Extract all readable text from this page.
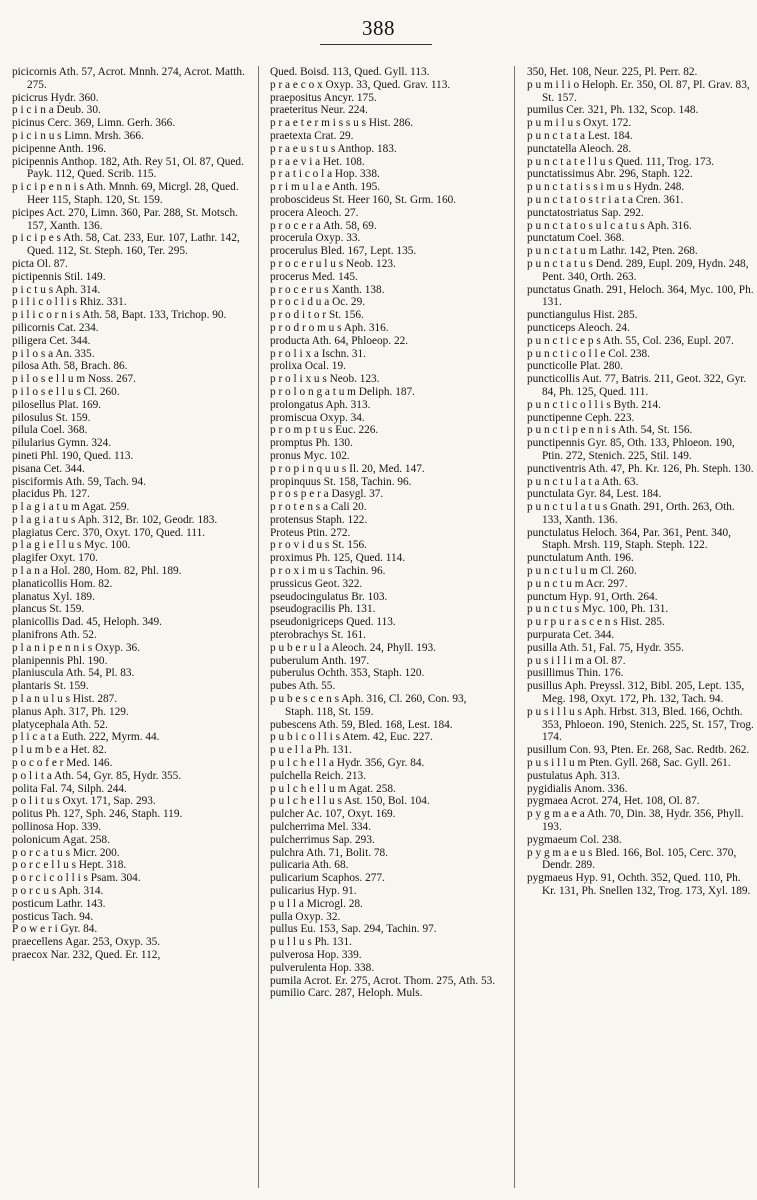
388

picicornis Ath. 57, Acrot. Mnnh. 274, Acrot. Matth. 275.

picicrus Hydr. 360.

p i c i n a Deub. 30.

picinus Cerc. 369, Limn. Gerh. 366.

p i c i n u s Limn. Mrsh. 366.

picipenne Anth. 196.

picipennis Anthop. 182, Ath. Rey 51, Ol. 87, Qued. Payk. 112, Qued. Scrib. 115.

p i c i p e n n i s Ath. Mnnh. 69, Micrgl. 28, Qued. Heer 115, Staph. 120, St. 159.

picipes Act. 270, Limn. 360, Par. 288, St. Motsch. 157, Xanth. 136.

p i c i p e s Ath. 58, Cat. 233, Eur. 107, Lathr. 142, Qued. 112, St. Steph. 160, Ter. 295.

picta Ol. 87.

pictipennis Stil. 149.

p i c t u s Aph. 314.

p i l i c o l l i s Rhiz. 331.

p i l i c o r n i s Ath. 58, Bapt. 133, Trichop. 90.

pilicornis Cat. 234.

piligera Cet. 344.

p i l o s a An. 335.

pilosa Ath. 58, Brach. 86.

p i l o s e l l u m Noss. 267.

p i l o s e l l u s Cl. 260.

pilosellus Plat. 169.

pilosulus St. 159.

pilula Coel. 368.

pilularius Gymn. 324.

pineti Phl. 190, Qued. 113.

pisana Cet. 344.

pisciformis Ath. 59, Tach. 94.

placidus Ph. 127.

p l a g i a t u m Agat. 259.

p l a g i a t u s Aph. 312, Br. 102, Geodr. 183.

plagiatus Cerc. 370, Oxyt. 170, Qued. 111.

p l a g i e l l u s Myc. 100.

plagifer Oxyt. 170.

p l a n a Hol. 280, Hom. 82, Phl. 189.

planaticollis Hom. 82.

planatus Xyl. 189.

plancus St. 159.

planicollis Dad. 45, Heloph. 349.

planifrons Ath. 52.

p l a n i p e n n i s Oxyp. 36.

planipennis Phl. 190.

planiuscula Ath. 54, Pl. 83.

plantaris St. 159.

p l a n u l u s Hist. 287.

planus Aph. 317, Ph. 129.

platycephala Ath. 52.

p l i c a t a Euth. 222, Myrm. 44.

p l u m b e a Het. 82.

p o c o f e r Med. 146.

p o l i t a Ath. 54, Gyr. 85, Hydr. 355.

polita Fal. 74, Silph. 244.

p o l i t u s Oxyt. 171, Sap. 293.

politus Ph. 127, Sph. 246, Staph. 119.

pollinosa Hop. 339.

polonicum Agat. 258.

p o r c a t u s Micr. 200.

p o r c e l l u s Hept. 318.

p o r c i c o l l i s Psam. 304.

p o r c u s Aph. 314.

posticum Lathr. 143.

posticus Tach. 94.

P o w e r i Gyr. 84.

praecellens Agar. 253, Oxyp. 35.

praecox Nar. 232, Qued. Er. 112,

Qued. Boisd. 113, Qued. Gyll. 113.

p r a e c o x Oxyp. 33, Qued. Grav. 113.

praepositus Ancyr. 175.

praeteritus Neur. 224.

p r a e t e r m i s s u s Hist. 286.

praetexta Crat. 29.

p r a e u s t u s Anthop. 183.

p r a e v i a Het. 108.

p r a t i c o l a Hop. 338.

p r i m u l a e Anth. 195.

proboscideus St. Heer 160, St. Grm. 160.

procera Aleoch. 27.

p r o c e r a Ath. 58, 69.

procerula Oxyp. 33.

procerulus Bled. 167, Lept. 135.

p r o c e r u l u s Neob. 123.

procerus Med. 145.

p r o c e r u s Xanth. 138.

p r o c i d u a Oc. 29.

p r o d i t o r St. 156.

p r o d r o m u s Aph. 316.

producta Ath. 64, Phloeop. 22.

p r o l i x a Ischn. 31.

prolixa Ocal. 19.

p r o l i x u s Neob. 123.

p r o l o n g a t u m Deliph. 187.

prolongatus Aph. 313.

promiscua Oxyp. 34.

p r o m p t u s Euc. 226.

promptus Ph. 130.

pronus Myc. 102.

p r o p i n q u u s Il. 20, Med. 147.

propinquus St. 158, Tachin. 96.

p r o s p e r a Dasygl. 37.

p r o t e n s a Cali 20.

protensus Staph. 122.

Proteus Ptin. 272.

p r o v i d u s St. 156.

proximus Ph. 125, Qued. 114.

p r o x i m u s Tachin. 96.

prussicus Geot. 322.

pseudocingulatus Br. 103.

pseudogracilis Ph. 131.

pseudonigriceps Qued. 113.

pterobrachys St. 161.

p u b e r u l a Aleoch. 24, Phyll. 193.

puberulum Anth. 197.

puberulus Ochth. 353, Staph. 120.

pubes Ath. 55.

p u b e s c e n s Aph. 316, Cl. 260, Con. 93, Staph. 118, St. 159.

pubescens Ath. 59, Bled. 168, Lest. 184.

p u b i c o l l i s Atem. 42, Euc. 227.

p u e l l a Ph. 131.

p u l c h e l l a Hydr. 356, Gyr. 84.

pulchella Reich. 213.

p u l c h e l l u m Agat. 258.

p u l c h e l l u s Ast. 150, Bol. 104.

pulcher Ac. 107, Oxyt. 169.

pulcherrima Mel. 334.

pulcherrimus Sap. 293.

pulchra Ath. 71, Bolit. 78.

pulicaria Ath. 68.

pulicarium Scaphos. 277.

pulicarius Hyp. 91.

p u l l a Microgl. 28.

pulla Oxyp. 32.

pullus Eu. 153, Sap. 294, Tachin. 97.

p u l l u s Ph. 131.

pulverosa Hop. 339.

pulverulenta Hop. 338.

pumila Acrot. Er. 275, Acrot. Thom. 275, Ath. 53.

pumilio Carc. 287, Heloph. Muls.

350, Het. 108, Neur. 225, Pl. Perr. 82.

p u m i l i o Heloph. Er. 350, Ol. 87, Pl. Grav. 83, St. 157.

pumilus Cer. 321, Ph. 132, Scop. 148.

p u m i l u s Oxyt. 172.

p u n c t a t a Lest. 184.

punctatella Aleoch. 28.

p u n c t a t e l l u s Qued. 111, Trog. 173.

punctatissimus Abr. 296, Staph. 122.

p u n c t a t i s s i m u s Hydn. 248.

p u n c t a t o s t r i a t a Cren. 361.

punctatostriatus Sap. 292.

p u n c t a t o s u l c a t u s Aph. 316.

punctatum Coel. 368.

p u n c t a t u m Lathr. 142, Pten. 268.

p u n c t a t u s Dend. 289, Eupl. 209, Hydn. 248, Pent. 340, Orth. 263.

punctatus Gnath. 291, Heloch. 364, Myc. 100, Ph. 131.

punctiangulus Hist. 285.

puncticeps Aleoch. 24.

p u n c t i c e p s Ath. 55, Col. 236, Eupl. 207.

p u n c t i c o l l e Col. 238.

puncticolle Plat. 280.

puncticollis Aut. 77, Batris. 211, Geot. 322, Gyr. 84, Ph. 125, Qued. 111.

p u n c t i c o l l i s Byth. 214.

punctipenne Ceph. 223.

p u n c t i p e n n i s Ath. 54, St. 156.

punctipennis Gyr. 85, Oth. 133, Phloeon. 190, Ptin. 272, Stenich. 225, Stil. 149.

punctiventris Ath. 47, Ph. Kr. 126, Ph. Steph. 130.

p u n c t u l a t a Ath. 63.

punctulata Gyr. 84, Lest. 184.

p u n c t u l a t u s Gnath. 291, Orth. 263, Oth. 133, Xanth. 136.

punctulatus Heloch. 364, Par. 361, Pent. 340, Staph. Mrsh. 119, Staph. Steph. 122.

punctulatum Anth. 196.

p u n c t u l u m Cl. 260.

p u n c t u m Acr. 297.

punctum Hyp. 91, Orth. 264.

p u n c t u s Myc. 100, Ph. 131.

p u r p u r a s c e n s Hist. 285.

purpurata Cet. 344.

pusilla Ath. 51, Fal. 75, Hydr. 355.

p u s i l l i m a Ol. 87.

pusillimus Thin. 176.

pusillus Aph. Preyssl. 312, Bibl. 205, Lept. 135, Meg. 198, Oxyt. 172, Ph. 132, Tach. 94.

p u s i l l u s Aph. Hrbst. 313, Bled. 166, Ochth. 353, Phloeon. 190, Stenich. 225, St. 157, Trog. 174.

pusillum Con. 93, Pten. Er. 268, Sac. Redtb. 262.

p u s i l l u m Pten. Gyll. 268, Sac. Gyll. 261.

pustulatus Aph. 313.

pygidialis Anom. 336.

pygmaea Acrot. 274, Het. 108, Ol. 87.

p y g m a e a Ath. 70, Din. 38, Hydr. 356, Phyll. 193.

pygmaeum Col. 238.

p y g m a e u s Bled. 166, Bol. 105, Cerc. 370, Dendr. 289.

pygmaeus Hyp. 91, Ochth. 352, Qued. 110, Ph. Kr. 131, Ph. Snellen 132, Trog. 173, Xyl. 189.
